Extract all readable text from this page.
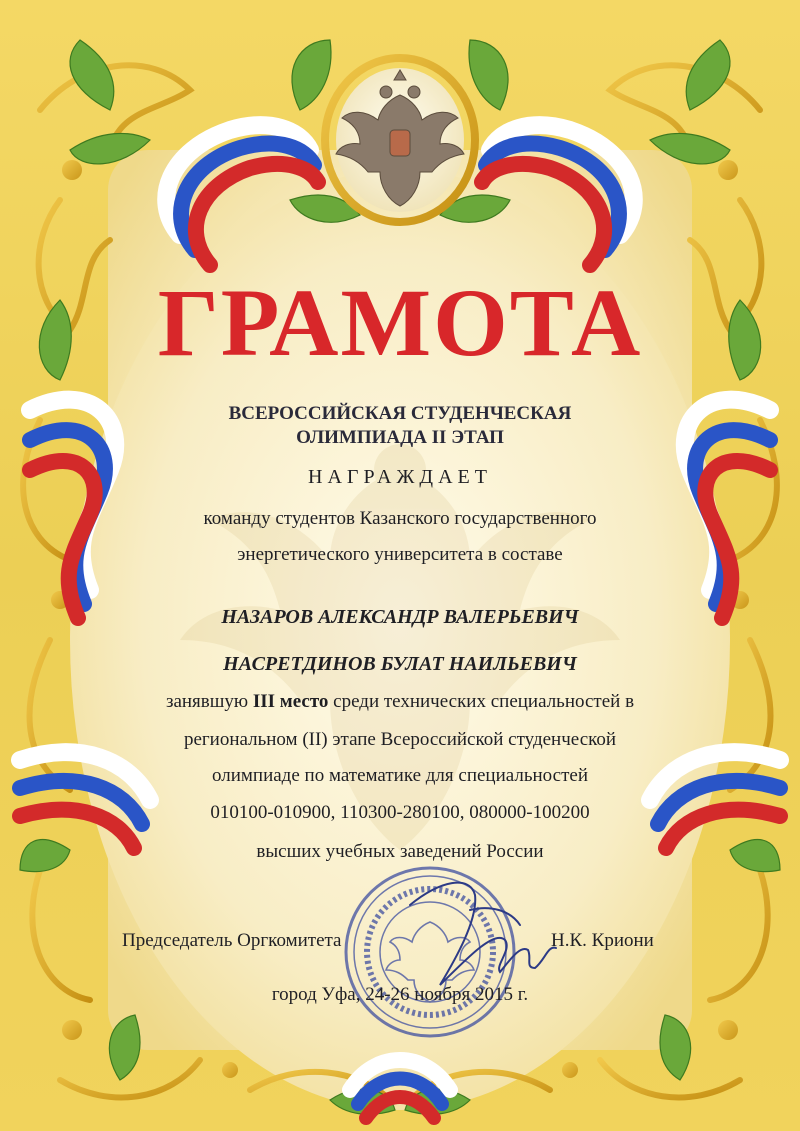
ГРАМОТА
ВСЕРОССИЙСКАЯ СТУДЕНЧЕСКАЯ
ОЛИМПИАДА II ЭТАП
НАГРАЖДАЕТ
команду студентов Казанского государственного
энергетического университета в составе
НАЗАРОВ АЛЕКСАНДР ВАЛЕРЬЕВИЧ
НАСРЕТДИНОВ БУЛАТ НАИЛЬЕВИЧ
занявшую III место среди технических специальностей в
региональном (II) этапе Всероссийской студенческой
олимпиаде по математике для специальностей
010100-010900, 110300-280100, 080000-100200
высших учебных заведений России
Председатель Оргкомитета	Н.К. Криони
город Уфа, 24-26 ноября 2015 г.
